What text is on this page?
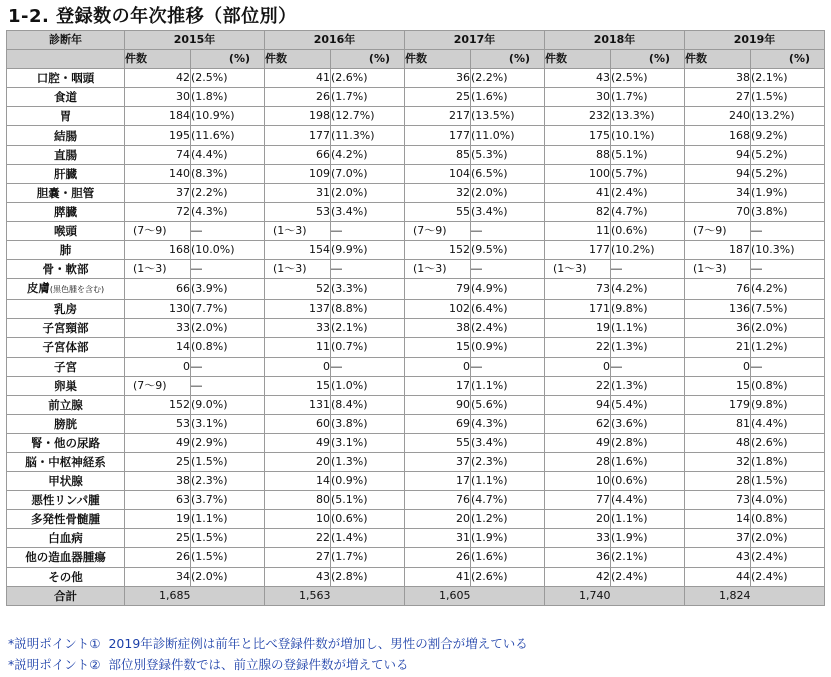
1-2. 登録数の年次推移（部位別）
診断年	2015年		2016年		2017年		2018年		2019年	
	件数	(%)	件数	(%)	件数	(%)	件数	(%)	件数	(%)
口腔・咽頭	42	(2.5%)	41	(2.6%)	36	(2.2%)	43	(2.5%)	38	(2.1%)
食道	30	(1.8%)	26	(1.7%)	25	(1.6%)	30	(1.7%)	27	(1.5%)
胃	184	(10.9%)	198	(12.7%)	217	(13.5%)	232	(13.3%)	240	(13.2%)
結腸	195	(11.6%)	177	(11.3%)	177	(11.0%)	175	(10.1%)	168	(9.2%)
直腸	74	(4.4%)	66	(4.2%)	85	(5.3%)	88	(5.1%)	94	(5.2%)
肝臓	140	(8.3%)	109	(7.0%)	104	(6.5%)	100	(5.7%)	94	(5.2%)
胆嚢・胆管	37	(2.2%)	31	(2.0%)	32	(2.0%)	41	(2.4%)	34	(1.9%)
膵臓	72	(4.3%)	53	(3.4%)	55	(3.4%)	82	(4.7%)	70	(3.8%)
喉頭	(7～9)	―	(1～3)	―	(7～9)	―	11	(0.6%)	(7～9)	―
肺	168	(10.0%)	154	(9.9%)	152	(9.5%)	177	(10.2%)	187	(10.3%)
骨・軟部	(1～3)	―	(1～3)	―	(1～3)	―	(1～3)	―	(1～3)	―
皮膚(黒色腫を含む)	66	(3.9%)	52	(3.3%)	79	(4.9%)	73	(4.2%)	76	(4.2%)
乳房	130	(7.7%)	137	(8.8%)	102	(6.4%)	171	(9.8%)	136	(7.5%)
子宮頸部	33	(2.0%)	33	(2.1%)	38	(2.4%)	19	(1.1%)	36	(2.0%)
子宮体部	14	(0.8%)	11	(0.7%)	15	(0.9%)	22	(1.3%)	21	(1.2%)
子宮	0	―	0	―	0	―	0	―	0	―
卵巣	(7～9)	―	15	(1.0%)	17	(1.1%)	22	(1.3%)	15	(0.8%)
前立腺	152	(9.0%)	131	(8.4%)	90	(5.6%)	94	(5.4%)	179	(9.8%)
膀胱	53	(3.1%)	60	(3.8%)	69	(4.3%)	62	(3.6%)	81	(4.4%)
腎・他の尿路	49	(2.9%)	49	(3.1%)	55	(3.4%)	49	(2.8%)	48	(2.6%)
脳・中枢神経系	25	(1.5%)	20	(1.3%)	37	(2.3%)	28	(1.6%)	32	(1.8%)
甲状腺	38	(2.3%)	14	(0.9%)	17	(1.1%)	10	(0.6%)	28	(1.5%)
悪性リンパ腫	63	(3.7%)	80	(5.1%)	76	(4.7%)	77	(4.4%)	73	(4.0%)
多発性骨髄腫	19	(1.1%)	10	(0.6%)	20	(1.2%)	20	(1.1%)	14	(0.8%)
白血病	25	(1.5%)	22	(1.4%)	31	(1.9%)	33	(1.9%)	37	(2.0%)
他の造血器腫瘍	26	(1.5%)	27	(1.7%)	26	(1.6%)	36	(2.1%)	43	(2.4%)
その他	34	(2.0%)	43	(2.8%)	41	(2.6%)	42	(2.4%)	44	(2.4%)
合計	1,685		1,563		1,605		1,740		1,824	
*説明ポイント① 2019年診断症例は前年と比べ登録件数が増加し、男性の割合が増えている
*説明ポイント② 部位別登録件数では、前立腺の登録件数が増えている
